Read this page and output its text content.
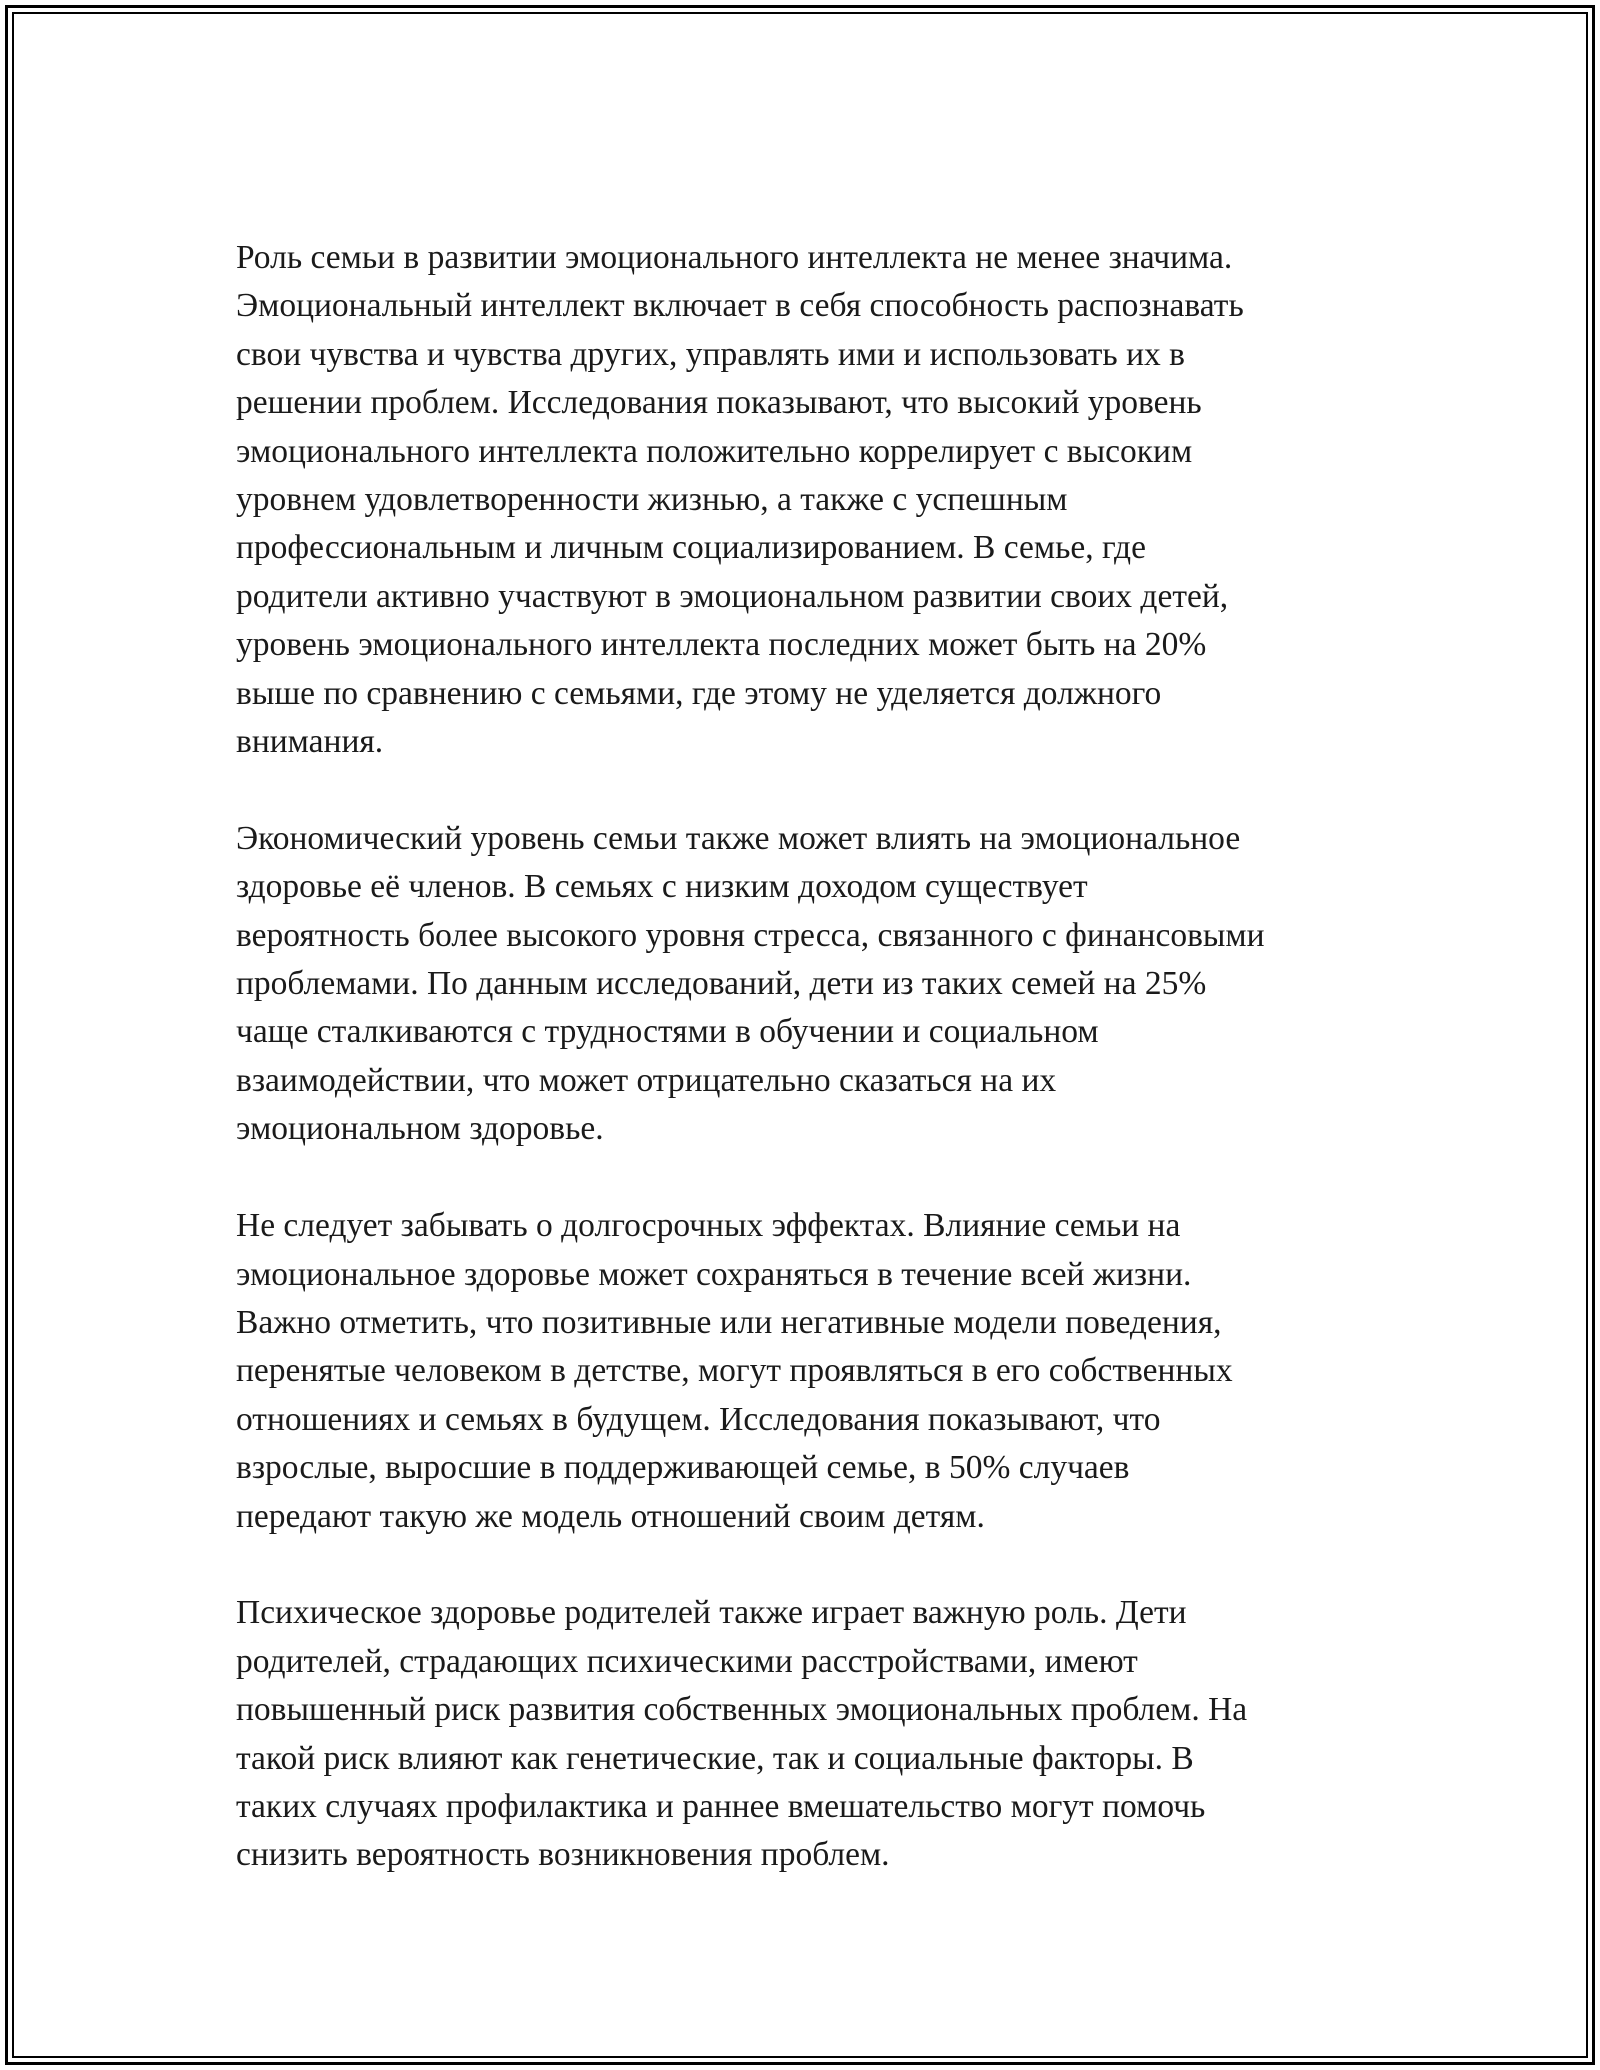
Роль семьи в развитии эмоционального интеллекта не менее значима.
Эмоциональный интеллект включает в себя способность распознавать
свои чувства и чувства других, управлять ими и использовать их в
решении проблем. Исследования показывают, что высокий уровень
эмоционального интеллекта положительно коррелирует с высоким
уровнем удовлетворенности жизнью, а также с успешным
профессиональным и личным социализированием. В семье, где
родители активно участвуют в эмоциональном развитии своих детей,
уровень эмоционального интеллекта последних может быть на 20%
выше по сравнению с семьями, где этому не уделяется должного
внимания.

Экономический уровень семьи также может влиять на эмоциональное
здоровье её членов. В семьях с низким доходом существует
вероятность более высокого уровня стресса, связанного с финансовыми
проблемами. По данным исследований, дети из таких семей на 25%
чаще сталкиваются с трудностями в обучении и социальном
взаимодействии, что может отрицательно сказаться на их
эмоциональном здоровье.

Не следует забывать о долгосрочных эффектах. Влияние семьи на
эмоциональное здоровье может сохраняться в течение всей жизни.
Важно отметить, что позитивные или негативные модели поведения,
перенятые человеком в детстве, могут проявляться в его собственных
отношениях и семьях в будущем. Исследования показывают, что
взрослые, выросшие в поддерживающей семье, в 50% случаев
передают такую же модель отношений своим детям.

Психическое здоровье родителей также играет важную роль. Дети
родителей, страдающих психическими расстройствами, имеют
повышенный риск развития собственных эмоциональных проблем. На
такой риск влияют как генетические, так и социальные факторы. В
таких случаях профилактика и раннее вмешательство могут помочь
снизить вероятность возникновения проблем.
